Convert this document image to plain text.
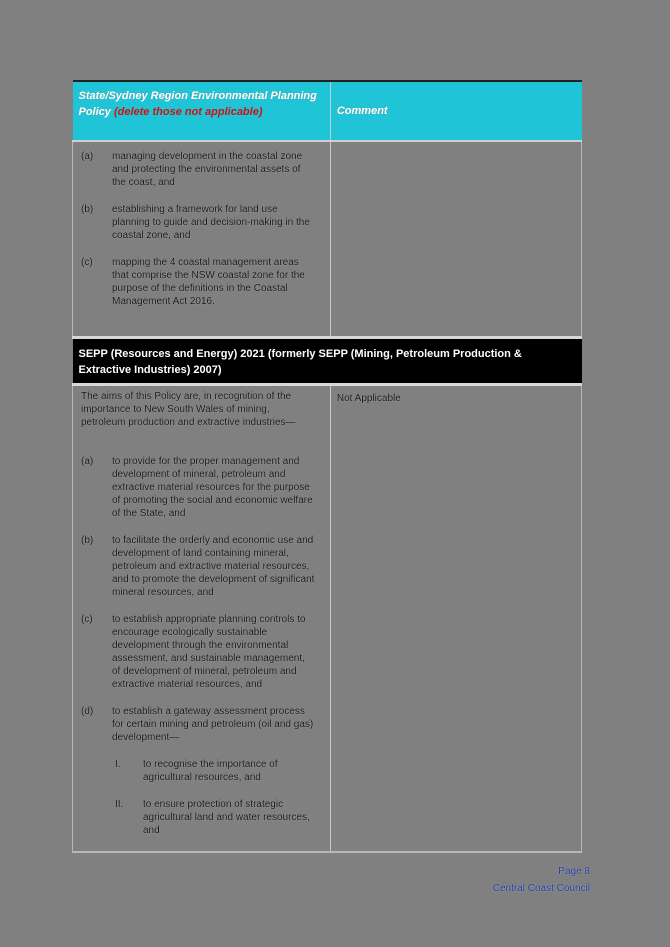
State/Sydney Region Environmental Planning Policy (delete those not applicable)	Comment

(a)	managing development in the coastal zone and protecting the environmental assets of the coast, and
(b)	establishing a framework for land use planning to guide and decision-making in the coastal zone, and
(c)	mapping the 4 coastal management areas that comprise the NSW coastal zone for the purpose of the definitions in the Coastal Management Act 2016.

SEPP (Resources and Energy) 2021 (formerly SEPP (Mining, Petroleum Production & Extractive Industries) 2007)	

The aims of this Policy are, in recognition of the importance to New South Wales of mining, petroleum production and extractive industries—
(a)	to provide for the proper management and development of mineral, petroleum and extractive material resources for the purpose of promoting the social and economic welfare of the State, and
(b)	to facilitate the orderly and economic use and development of land containing mineral, petroleum and extractive material resources, and to promote the development of significant mineral resources, and
(c)	to establish appropriate planning controls to encourage ecologically sustainable development through the environmental assessment, and sustainable management, of development of mineral, petroleum and extractive material resources, and
(d)	to establish a gateway assessment process for certain mining and petroleum (oil and gas) development—
I.	to recognise the importance of agricultural resources, and
II.	to ensure protection of strategic agricultural land and water resources, and

Not Applicable
Page 8
Central Coast Council
